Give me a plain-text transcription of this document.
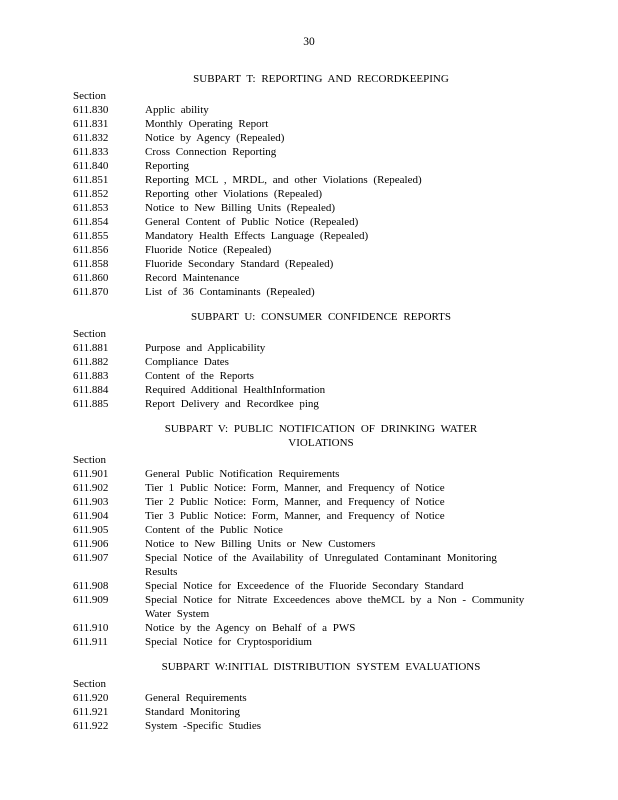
30
SUBPART T: REPORTING AND RECORDKEEPING
Section
611.830	Applic ability
611.831	Monthly Operating Report
611.832	Notice by Agency (Repealed)
611.833	Cross Connection Reporting
611.840	Reporting
611.851	Reporting MCL , MRDL, and other Violations (Repealed)
611.852	Reporting other Violations (Repealed)
611.853	Notice to New Billing Units (Repealed)
611.854	General Content of Public Notice (Repealed)
611.855	Mandatory Health Effects Language (Repealed)
611.856	Fluoride Notice (Repealed)
611.858	Fluoride Secondary Standard (Repealed)
611.860	Record Maintenance
611.870	List of 36 Contaminants (Repealed)
SUBPART U: CONSUMER CONFIDENCE REPORTS
Section
611.881	Purpose and Applicability
611.882	Compliance Dates
611.883	Content of the Reports
611.884	Required Additional HealthInformation
611.885	Report Delivery and Recordkee ping
SUBPART V: PUBLIC NOTIFICATION OF DRINKING WATER
VIOLATIONS
Section
611.901	General Public Notification Requirements
611.902	Tier 1 Public Notice: Form, Manner, and Frequency of Notice
611.903	Tier 2 Public Notice: Form, Manner, and Frequency of Notice
611.904	Tier 3 Public Notice: Form, Manner, and Frequency of Notice
611.905	Content of the Public Notice
611.906	Notice to New Billing Units or New Customers
611.907	Special Notice of the Availability of Unregulated Contaminant Monitoring
Results
611.908	Special Notice for Exceedence of the Fluoride Secondary Standard
611.909	Special Notice for Nitrate Exceedences above theMCL by a Non - Community
Water System
611.910	Notice by the Agency on Behalf of a PWS
611.911	Special Notice for Cryptosporidium
SUBPART W:INITIAL DISTRIBUTION SYSTEM EVALUATIONS
Section
611.920	General Requirements
611.921	Standard Monitoring
611.922	System -Specific Studies
